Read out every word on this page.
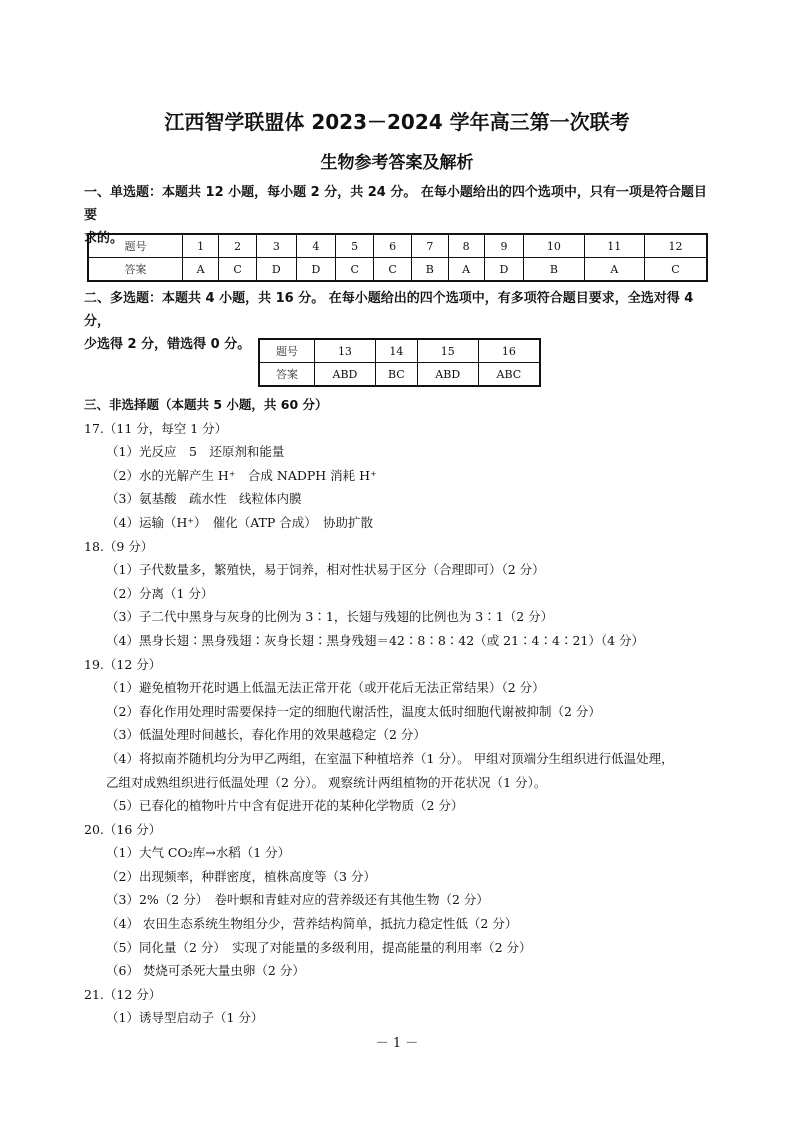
江西智学联盟体 2023－2024 学年高三第一次联考
生物参考答案及解析
一、单选题：本题共 12 小题，每小题 2 分，共 24 分。 在每小题给出的四个选项中，只有一项是符合题目要
求的。
题号	1	2	3	4	5	6	7	8	9	10	11	12
答案	A	C	D	D	C	C	B	A	D	B	A	C
二、多选题：本题共 4 小题，共 16 分。 在每小题给出的四个选项中，有多项符合题目要求，全选对得 4 分，
少选得 2 分，错选得 0 分。	题号	13	14	15	16
答案	ABD	BC	ABD	ABC
三、非选择题（本题共 5 小题，共 60 分）
17.（11 分，每空 1 分）
（1）光反应　5　还原剂和能量
（2）水的光解产生 H⁺　合成 NADPH 消耗 H⁺
（3）氨基酸　疏水性　线粒体内膜
（4）运输（H⁺）　催化（ATP 合成）　协助扩散
18.（9 分）
（1）子代数量多，繁殖快，易于饲养，相对性状易于区分（合理即可）（2 分）
（2）分离（1 分）
（3）子二代中黑身与灰身的比例为 3∶1，长翅与残翅的比例也为 3∶1（2 分）
（4）黑身长翅∶黑身残翅∶灰身长翅∶黑身残翅＝42∶8∶8∶42（或 21∶4∶4∶21）（4 分）
19.（12 分）
（1）避免植物开花时遇上低温无法正常开花（或开花后无法正常结果）（2 分）
（2）春化作用处理时需要保持一定的细胞代谢活性，温度太低时细胞代谢被抑制（2 分）
（3）低温处理时间越长，春化作用的效果越稳定（2 分）
（4）将拟南芥随机均分为甲乙两组，在室温下种植培养（1 分）。 甲组对顶端分生组织进行低温处理，
乙组对成熟组织进行低温处理（2 分）。 观察统计两组植物的开花状况（1 分）。
（5）已春化的植物叶片中含有促进开花的某种化学物质（2 分）
20.（16 分）
（1）大气 CO₂库→水稻（1 分）
（2）出现频率，种群密度，植株高度等（3 分）
（3）2%（2 分）　卷叶螟和青蛙对应的营养级还有其他生物（2 分）
（4） 农田生态系统生物组分少，营养结构简单，抵抗力稳定性低（2 分）
（5）同化量（2 分）　实现了对能量的多级利用，提高能量的利用率（2 分）
（6） 焚烧可杀死大量虫卵（2 分）
21.（12 分）
（1）诱导型启动子（1 分）
－ 1 －
